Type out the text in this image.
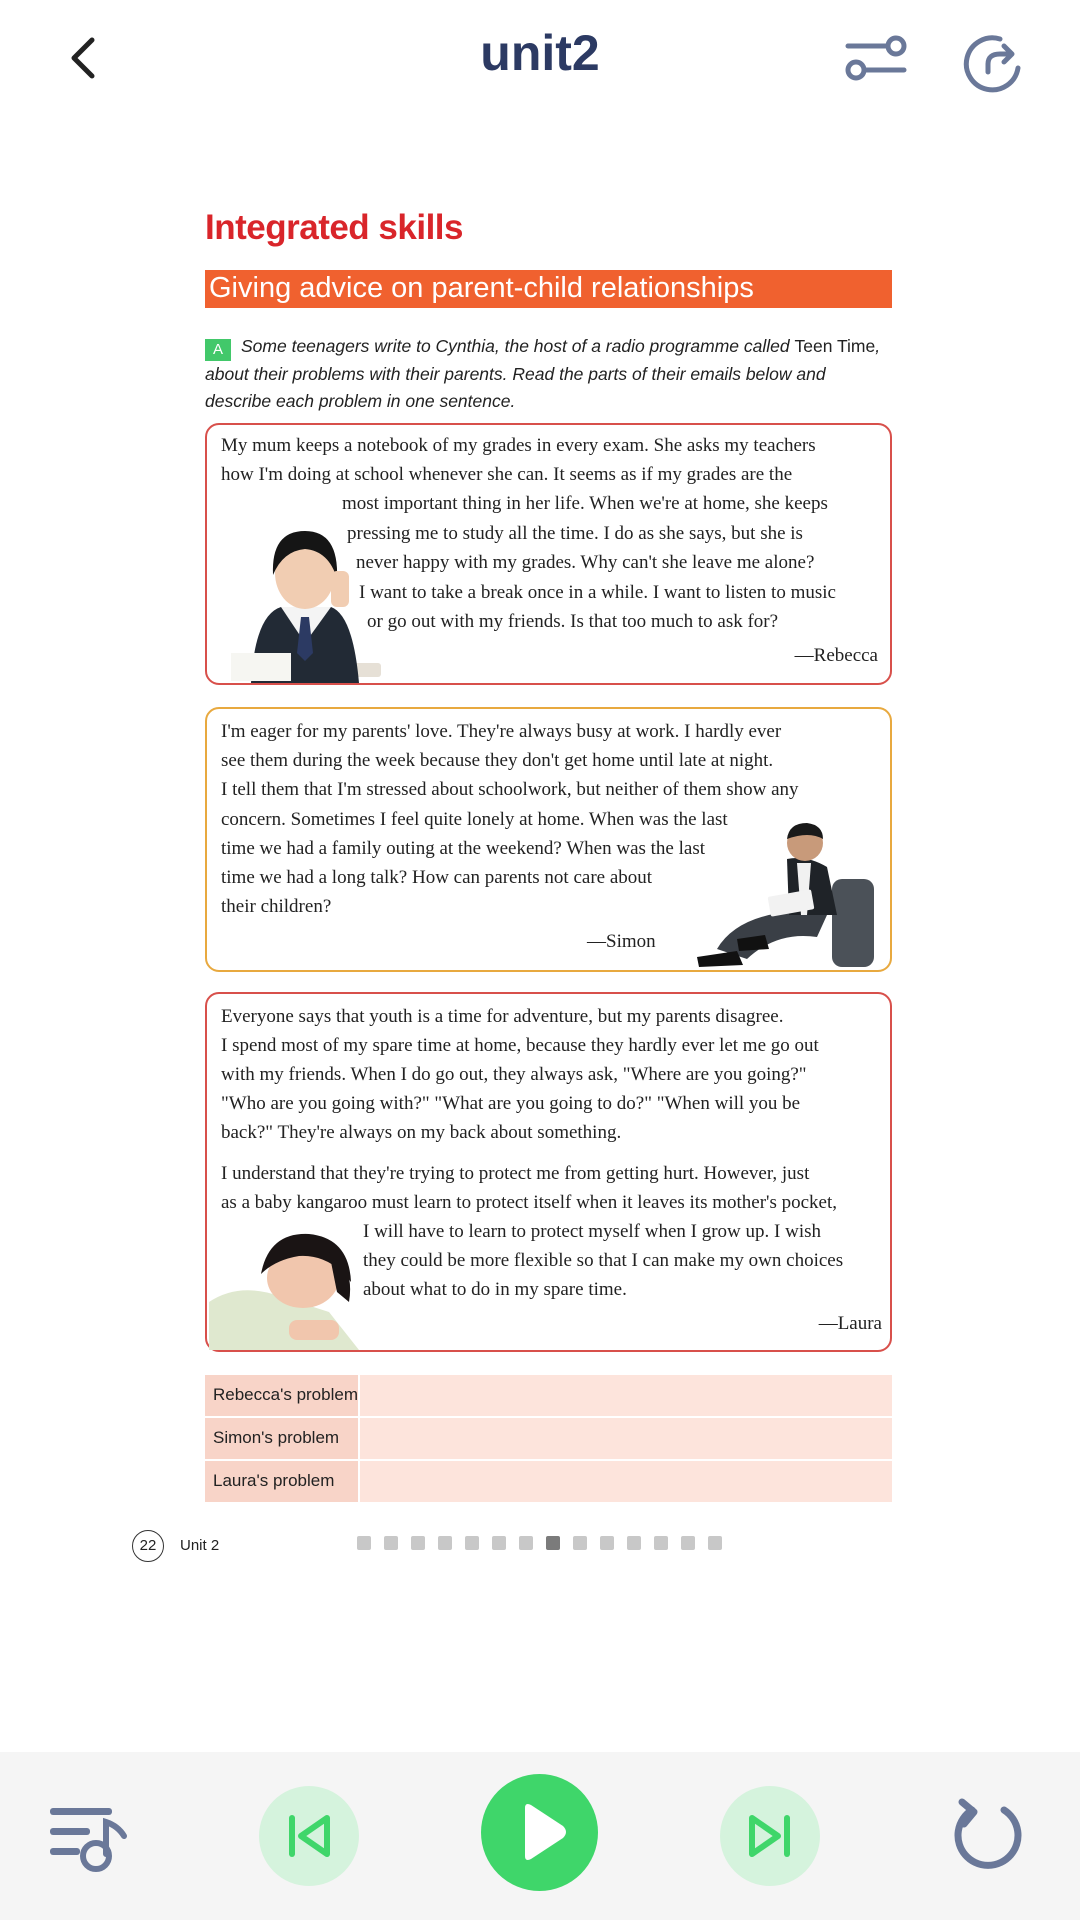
unit2
Integrated skills
Giving advice on parent-child relationships
A Some teenagers write to Cynthia, the host of a radio programme called Teen Time, about their problems with their parents. Read the parts of their emails below and describe each problem in one sentence.
My mum keeps a notebook of my grades in every exam. She asks my teachers
how I'm doing at school whenever she can. It seems as if my grades are the
most important thing in her life. When we're at home, she keeps
pressing me to study all the time. I do as she says, but she is
never happy with my grades. Why can't she leave me alone?
I want to take a break once in a while. I want to listen to music
or go out with my friends. Is that too much to ask for?
—Rebecca
I'm eager for my parents' love. They're always busy at work. I hardly ever
see them during the week because they don't get home until late at night.
I tell them that I'm stressed about schoolwork, but neither of them show any
concern. Sometimes I feel quite lonely at home. When was the last
time we had a family outing at the weekend? When was the last
time we had a long talk? How can parents not care about
their children?
—Simon
Everyone says that youth is a time for adventure, but my parents disagree.
I spend most of my spare time at home, because they hardly ever let me go out
with my friends. When I do go out, they always ask, "Where are you going?"
"Who are you going with?" "What are you going to do?" "When will you be
back?" They're always on my back about something.
I understand that they're trying to protect me from getting hurt. However, just
as a baby kangaroo must learn to protect itself when it leaves its mother's pocket,
I will have to learn to protect myself when I grow up. I wish
they could be more flexible so that I can make my own choices
about what to do in my spare time.
—Laura
Rebecca's problem
Simon's problem
Laura's problem
22	Unit 2
